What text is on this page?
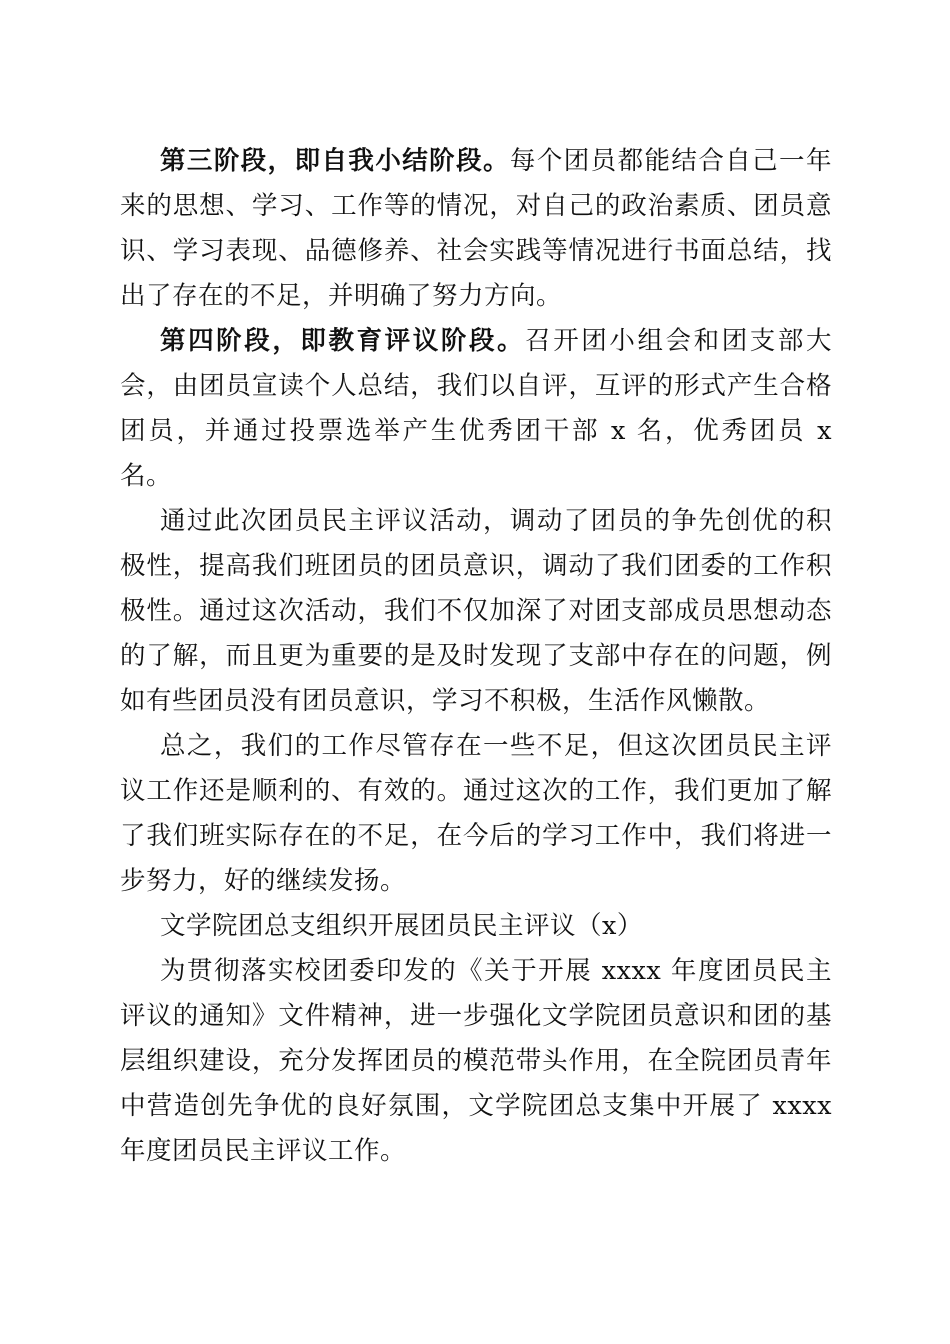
第三阶段，即自我小结阶段。每个团员都能结合自己一年来的思想、学习、工作等的情况，对自己的政治素质、团员意识、学习表现、品德修养、社会实践等情况进行书面总结，找出了存在的不足，并明确了努力方向。

第四阶段，即教育评议阶段。召开团小组会和团支部大会，由团员宣读个人总结，我们以自评，互评的形式产生合格团员，并通过投票选举产生优秀团干部 x 名，优秀团员 x 名。

通过此次团员民主评议活动，调动了团员的争先创优的积极性，提高我们班团员的团员意识，调动了我们团委的工作积极性。通过这次活动，我们不仅加深了对团支部成员思想动态的了解，而且更为重要的是及时发现了支部中存在的问题，例如有些团员没有团员意识，学习不积极，生活作风懒散。

总之，我们的工作尽管存在一些不足，但这次团员民主评议工作还是顺利的、有效的。通过这次的工作，我们更加了解了我们班实际存在的不足，在今后的学习工作中，我们将进一步努力，好的继续发扬。

文学院团总支组织开展团员民主评议（x）

为贯彻落实校团委印发的《关于开展 xxxx 年度团员民主评议的通知》文件精神，进一步强化文学院团员意识和团的基层组织建设，充分发挥团员的模范带头作用，在全院团员青年中营造创先争优的良好氛围，文学院团总支集中开展了 xxxx 年度团员民主评议工作。
